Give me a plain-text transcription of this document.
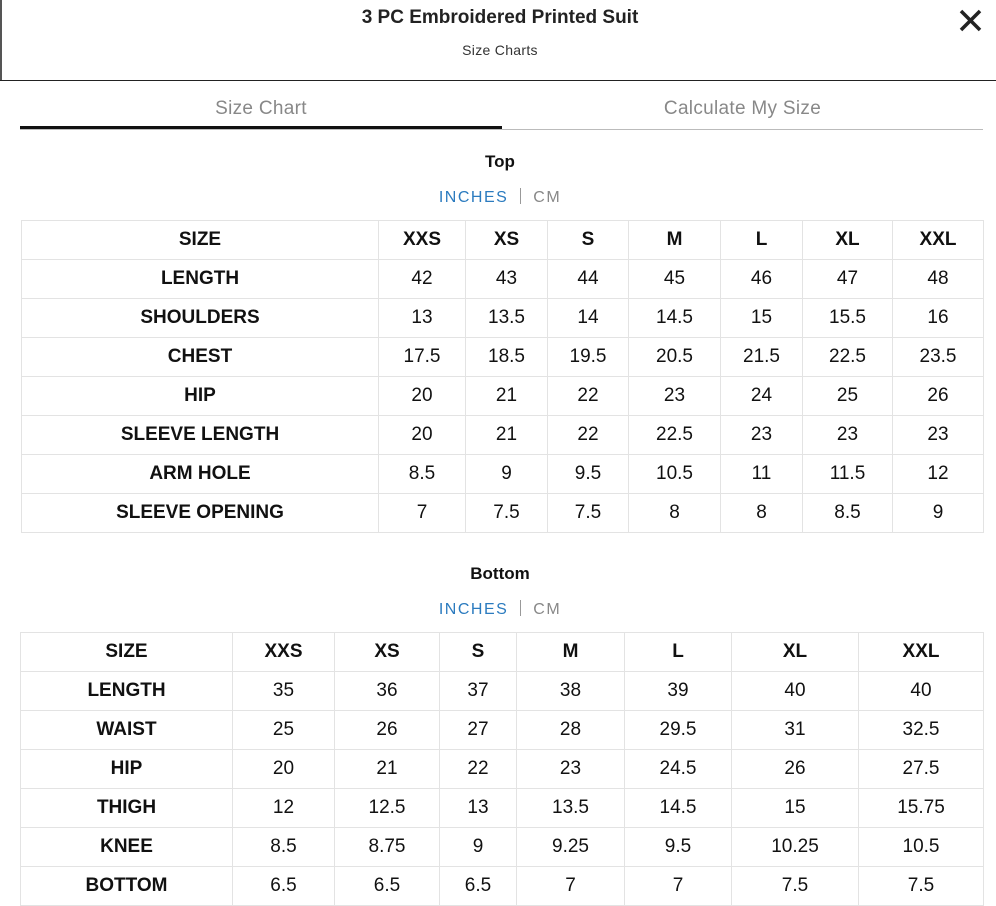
3 PC Embroidered Printed Suit
Size Charts
Size Chart	Calculate My Size
Top
INCHES CM
SIZE	XXS	XS	S	M	L	XL	XXL
LENGTH	42	43	44	45	46	47	48
SHOULDERS	13	13.5	14	14.5	15	15.5	16
CHEST	17.5	18.5	19.5	20.5	21.5	22.5	23.5
HIP	20	21	22	23	24	25	26
SLEEVE LENGTH	20	21	22	22.5	23	23	23
ARM HOLE	8.5	9	9.5	10.5	11	11.5	12
SLEEVE OPENING	7	7.5	7.5	8	8	8.5	9
Bottom
INCHES CM
SIZE	XXS	XS	S	M	L	XL	XXL
LENGTH	35	36	37	38	39	40	40
WAIST	25	26	27	28	29.5	31	32.5
HIP	20	21	22	23	24.5	26	27.5
THIGH	12	12.5	13	13.5	14.5	15	15.75
KNEE	8.5	8.75	9	9.25	9.5	10.25	10.5
BOTTOM	6.5	6.5	6.5	7	7	7.5	7.5
